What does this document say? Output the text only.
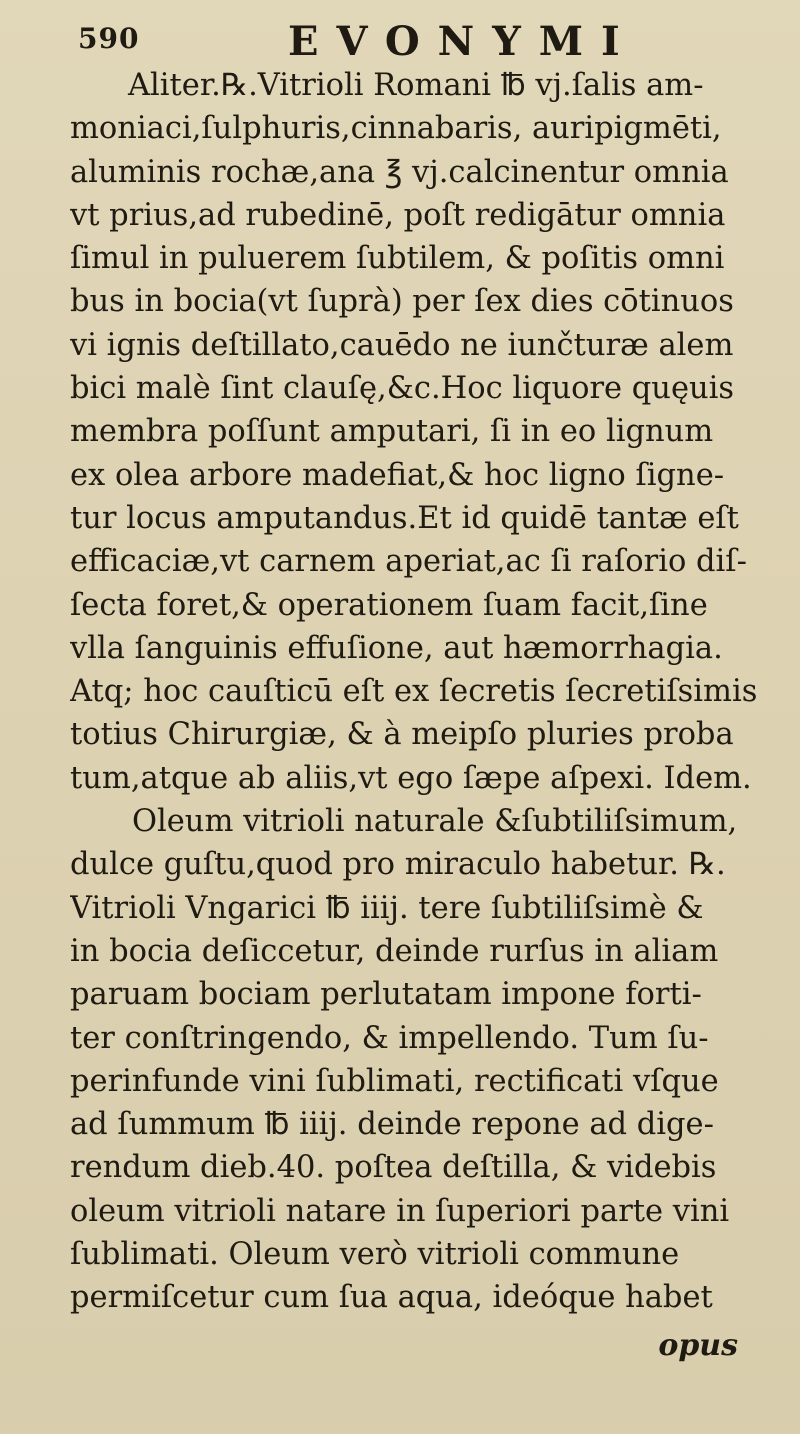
590	EVONYMI
Aliter.℞.Vitrioli Romani ℔ vj.ſalis am-
moniaci,ſulphuris,cinnabaris, auripigmēti,
aluminis rochæ,ana ℥ vj.calcinentur omnia
vt prius,ad rubedinē, poſt redigātur omnia
ſimul in puluerem ſubtilem, & poſitis omni
bus in bocia(vt ſuprà) per ſex dies cōtinuos
vi ignis deſtillato,cauēdo ne iunčturæ alem
bici malè ſint clauſę,&c.Hoc liquore quęuis
membra poſſunt amputari, ſi in eo lignum
ex olea arbore madefiat,& hoc ligno ſigne-
tur locus amputandus.Et id quidē tantæ eſt
efficaciæ,vt carnem aperiat,ac ſi raſorio diſ-
ſecta foret,& operationem ſuam facit,ſine
vlla ſanguinis effuſione, aut hæmorrhagia.
Atq; hoc cauſticū eſt ex ſecretis ſecretiſsimis
totius Chirurgiæ, & à meipſo pluries proba
tum,atque ab aliis,vt ego ſæpe aſpexi. Idem.
Oleum vitrioli naturale &ſubtiliſsimum,
dulce guſtu,quod pro miraculo habetur. ℞.
Vitrioli Vngarici ℔ iiij. tere ſubtiliſsimè &
in bocia deſiccetur, deinde rurſus in aliam
paruam bociam perlutatam impone forti-
ter conſtringendo, & impellendo. Tum ſu-
perinfunde vini ſublimati, rectificati vſque
ad ſummum ℔ iiij. deinde repone ad dige-
rendum dieb.40. poſtea deſtilla, & videbis
oleum vitrioli natare in ſuperiori parte vini
ſublimati. Oleum verò vitrioli commune
permiſcetur cum ſua aqua, ideóque habet
opus
